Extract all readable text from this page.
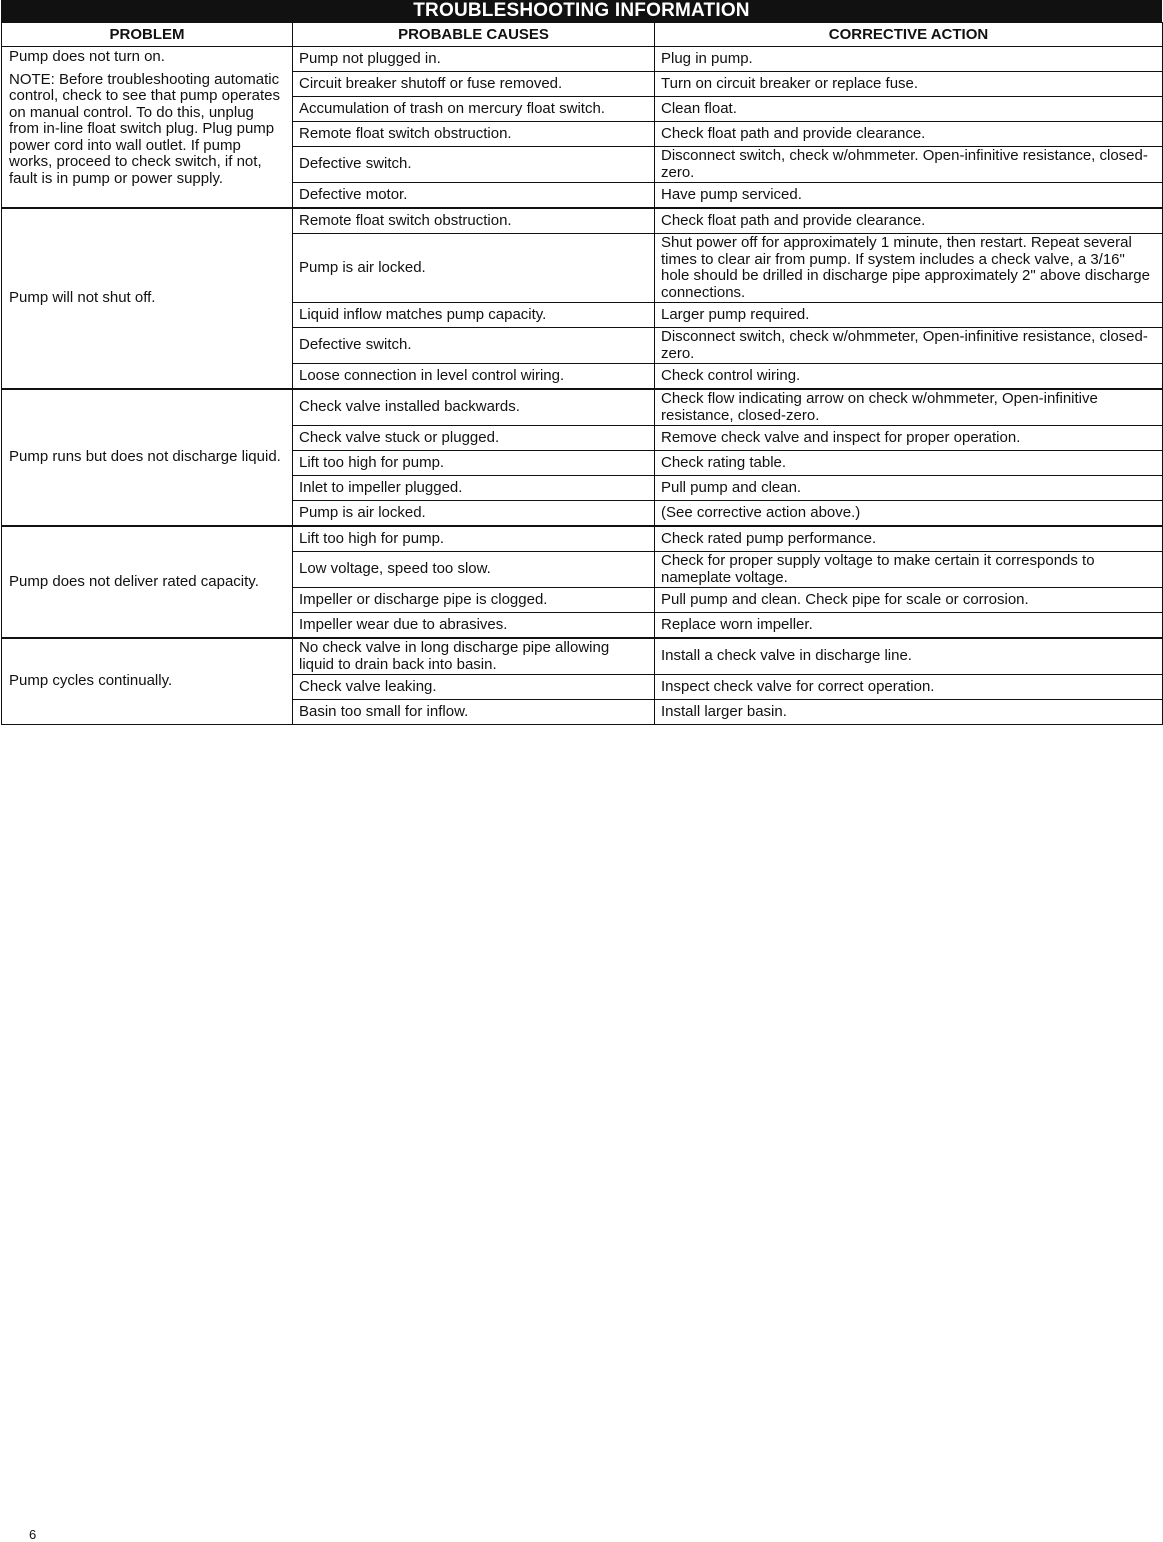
TROUBLESHOOTING INFORMATION
PROBLEM	PROBABLE CAUSES	CORRECTIVE ACTION

Pump does not turn on.
NOTE: Before troubleshooting automatic control, check to see that pump operates on manual control. To do this, unplug from in-line float switch plug. Plug pump power cord into wall outlet. If pump works, proceed to check switch, if not, fault is in pump or power supply.	Pump not plugged in.	Plug in pump.
	Circuit breaker shutoff or fuse removed.	Turn on circuit breaker or replace fuse.
	Accumulation of trash on mercury float switch.	Clean float.
	Remote float switch obstruction.	Check float path and provide clearance.
	Defective switch.	Disconnect switch, check w/ohmmeter. Open-infinitive resistance, closed-zero.
	Defective motor.	Have pump serviced.

Pump will not shut off.	Remote float switch obstruction.	Check float path and provide clearance.
	Pump is air locked.	Shut power off for approximately 1 minute, then restart. Repeat several times to clear air from pump. If system includes a check valve, a 3/16" hole should be drilled in discharge pipe approximately 2" above discharge connections.
	Liquid inflow matches pump capacity.	Larger pump required.
	Defective switch.	Disconnect switch, check w/ohmmeter, Open-infinitive resistance, closed-zero.
	Loose connection in level control wiring.	Check control wiring.

Pump runs but does not discharge liquid.	Check valve installed backwards.	Check flow indicating arrow on check w/ohmmeter, Open-infinitive resistance, closed-zero.
	Check valve stuck or plugged.	Remove check valve and inspect for proper operation.
	Lift too high for pump.	Check rating table.
	Inlet to impeller plugged.	Pull pump and clean.
	Pump is air locked.	(See corrective action above.)

Pump does not deliver rated capacity.	Lift too high for pump.	Check rated pump performance.
	Low voltage, speed too slow.	Check for proper supply voltage to make certain it corresponds to nameplate voltage.
	Impeller or discharge pipe is clogged.	Pull pump and clean. Check pipe for scale or corrosion.
	Impeller wear due to abrasives.	Replace worn impeller.

Pump cycles continually.	No check valve in long discharge pipe allowing liquid to drain back into basin.	Install a check valve in discharge line.
	Check valve leaking.	Inspect check valve for correct operation.
	Basin too small for inflow.	Install larger basin.
6
